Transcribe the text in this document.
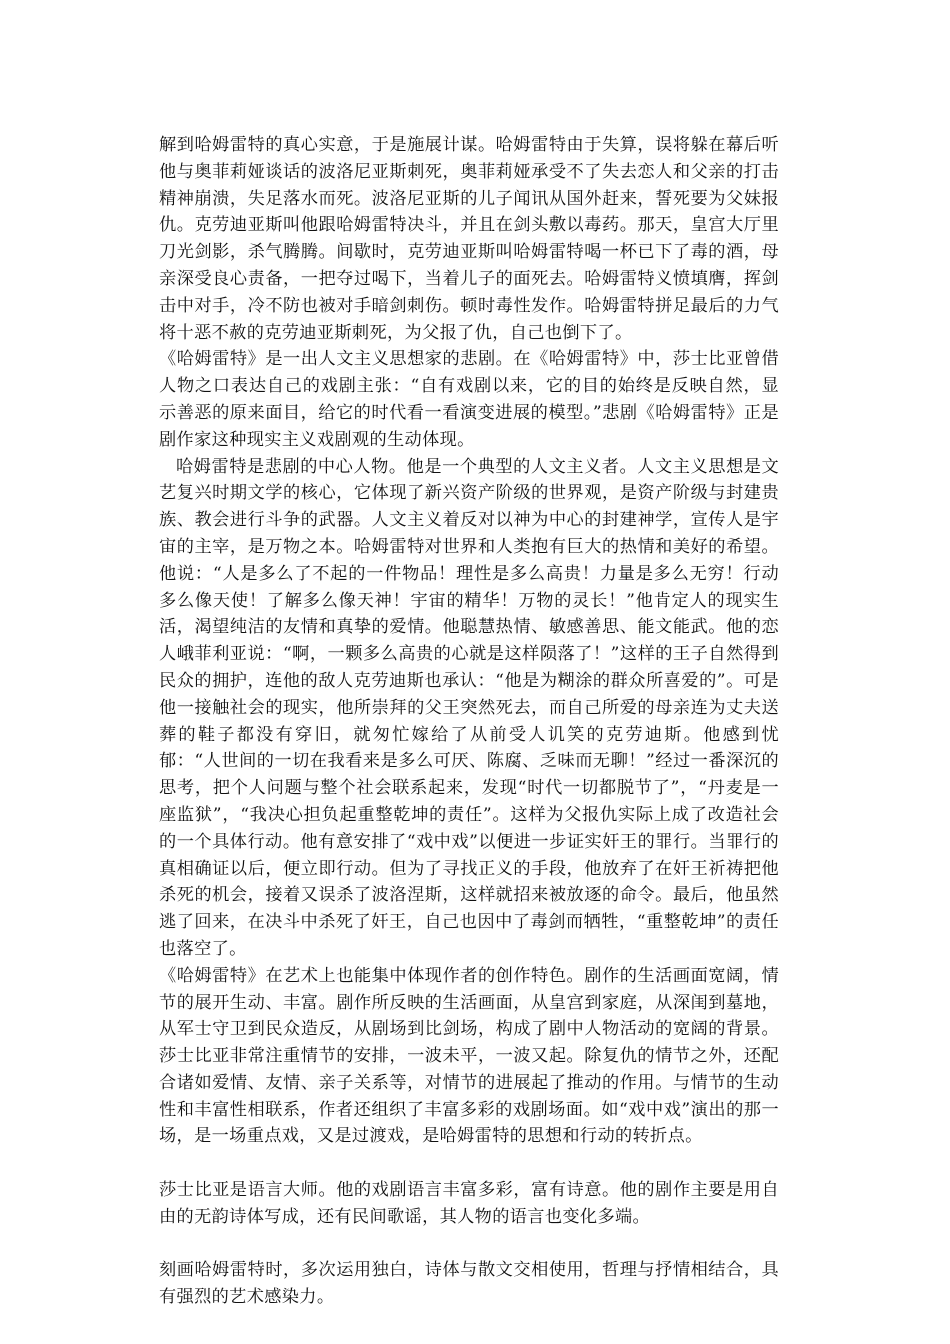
解到哈姆雷特的真心实意，于是施展计谋。哈姆雷特由于失算，误将躲在幕后听他与奥菲莉娅谈话的波洛尼亚斯刺死，奥菲莉娅承受不了失去恋人和父亲的打击精神崩溃，失足落水而死。波洛尼亚斯的儿子闻讯从国外赶来，誓死要为父妹报仇。克劳迪亚斯叫他跟哈姆雷特决斗，并且在剑头敷以毒药。那天，皇宫大厅里刀光剑影，杀气腾腾。间歇时，克劳迪亚斯叫哈姆雷特喝一杯已下了毒的酒，母亲深受良心责备，一把夺过喝下，当着儿子的面死去。哈姆雷特义愤填膺，挥剑击中对手，冷不防也被对手暗剑刺伤。顿时毒性发作。哈姆雷特拼足最后的力气将十恶不赦的克劳迪亚斯刺死，为父报了仇，自己也倒下了。

《哈姆雷特》是一出人文主义思想家的悲剧。在《哈姆雷特》中，莎士比亚曾借人物之口表达自己的戏剧主张：“自有戏剧以来，它的目的始终是反映自然，显示善恶的原来面目，给它的时代看一看演变进展的模型。”悲剧《哈姆雷特》正是剧作家这种现实主义戏剧观的生动体现。

哈姆雷特是悲剧的中心人物。他是一个典型的人文主义者。人文主义思想是文艺复兴时期文学的核心，它体现了新兴资产阶级的世界观，是资产阶级与封建贵族、教会进行斗争的武器。人文主义着反对以神为中心的封建神学，宣传人是宇宙的主宰，是万物之本。哈姆雷特对世界和人类抱有巨大的热情和美好的希望。他说：“人是多么了不起的一件物品！理性是多么高贵！力量是多么无穷！行动多么像天使！了解多么像天神！宇宙的精华！万物的灵长！”他肯定人的现实生活，渴望纯洁的友情和真挚的爱情。他聪慧热情、敏感善思、能文能武。他的恋人峨菲利亚说：“啊，一颗多么高贵的心就是这样陨落了！”这样的王子自然得到民众的拥护，连他的敌人克劳迪斯也承认：“他是为糊涂的群众所喜爱的”。可是他一接触社会的现实，他所崇拜的父王突然死去，而自己所爱的母亲连为丈夫送葬的鞋子都没有穿旧，就匆忙嫁给了从前受人讥笑的克劳迪斯。他感到忧郁：“人世间的一切在我看来是多么可厌、陈腐、乏味而无聊！”经过一番深沉的思考，把个人问题与整个社会联系起来，发现“时代一切都脱节了”，“丹麦是一座监狱”，“我决心担负起重整乾坤的责任”。这样为父报仇实际上成了改造社会的一个具体行动。他有意安排了“戏中戏”以便进一步证实奸王的罪行。当罪行的真相确证以后，便立即行动。但为了寻找正义的手段，他放弃了在奸王祈祷把他杀死的机会，接着又误杀了波洛涅斯，这样就招来被放逐的命令。最后，他虽然逃了回来，在决斗中杀死了奸王，自己也因中了毒剑而牺牲，“重整乾坤”的责任也落空了。

《哈姆雷特》在艺术上也能集中体现作者的创作特色。剧作的生活画面宽阔，情节的展开生动、丰富。剧作所反映的生活画面，从皇宫到家庭，从深闺到墓地，从军士守卫到民众造反，从剧场到比剑场，构成了剧中人物活动的宽阔的背景。莎士比亚非常注重情节的安排，一波未平，一波又起。除复仇的情节之外，还配合诸如爱情、友情、亲子关系等，对情节的进展起了推动的作用。与情节的生动性和丰富性相联系，作者还组织了丰富多彩的戏剧场面。如“戏中戏”演出的那一场，是一场重点戏，又是过渡戏，是哈姆雷特的思想和行动的转折点。

莎士比亚是语言大师。他的戏剧语言丰富多彩，富有诗意。他的剧作主要是用自由的无韵诗体写成，还有民间歌谣，其人物的语言也变化多端。

刻画哈姆雷特时，多次运用独白，诗体与散文交相使用，哲理与抒情相结合，具有强烈的艺术感染力。
